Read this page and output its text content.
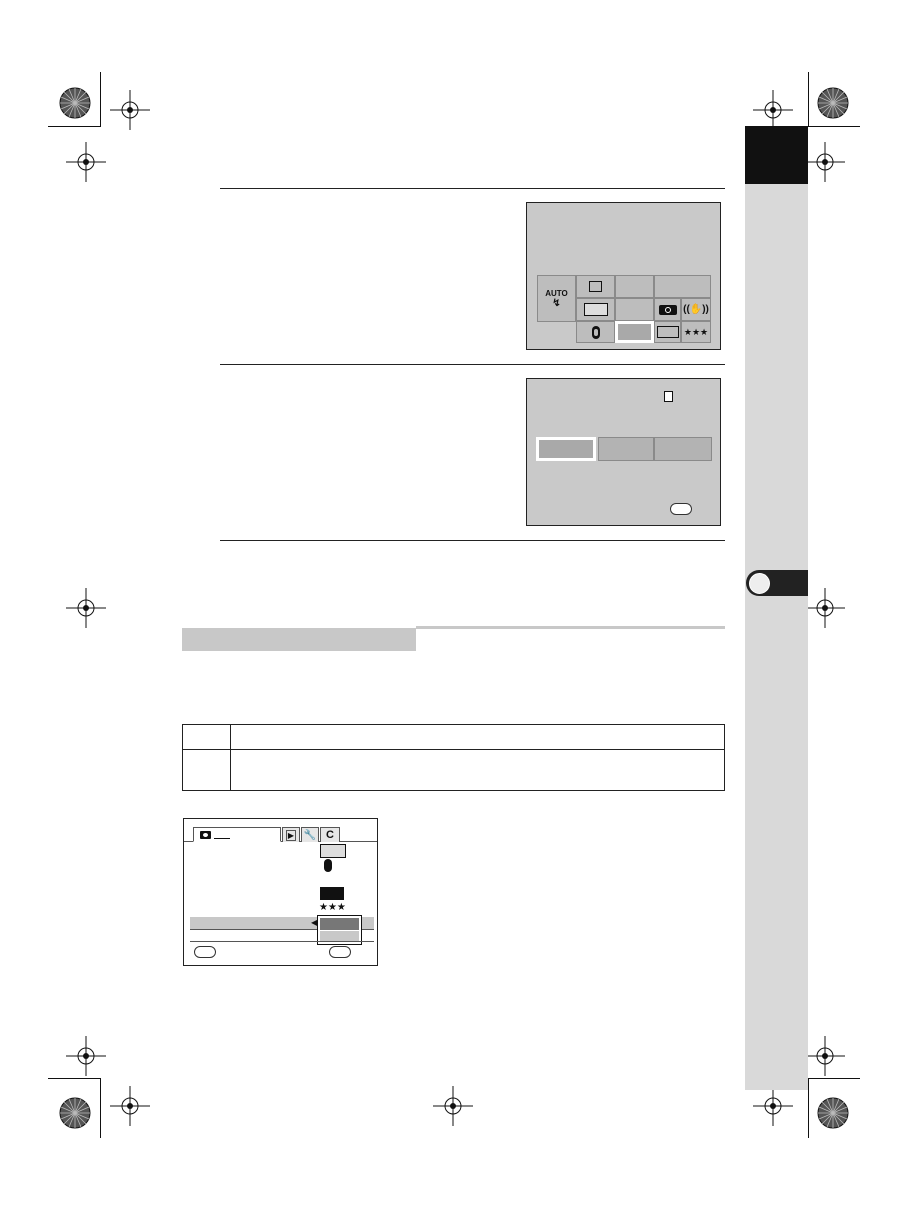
AUTO
↯
((✋))
★★★

▶ 🔧 C
★★★
◀
